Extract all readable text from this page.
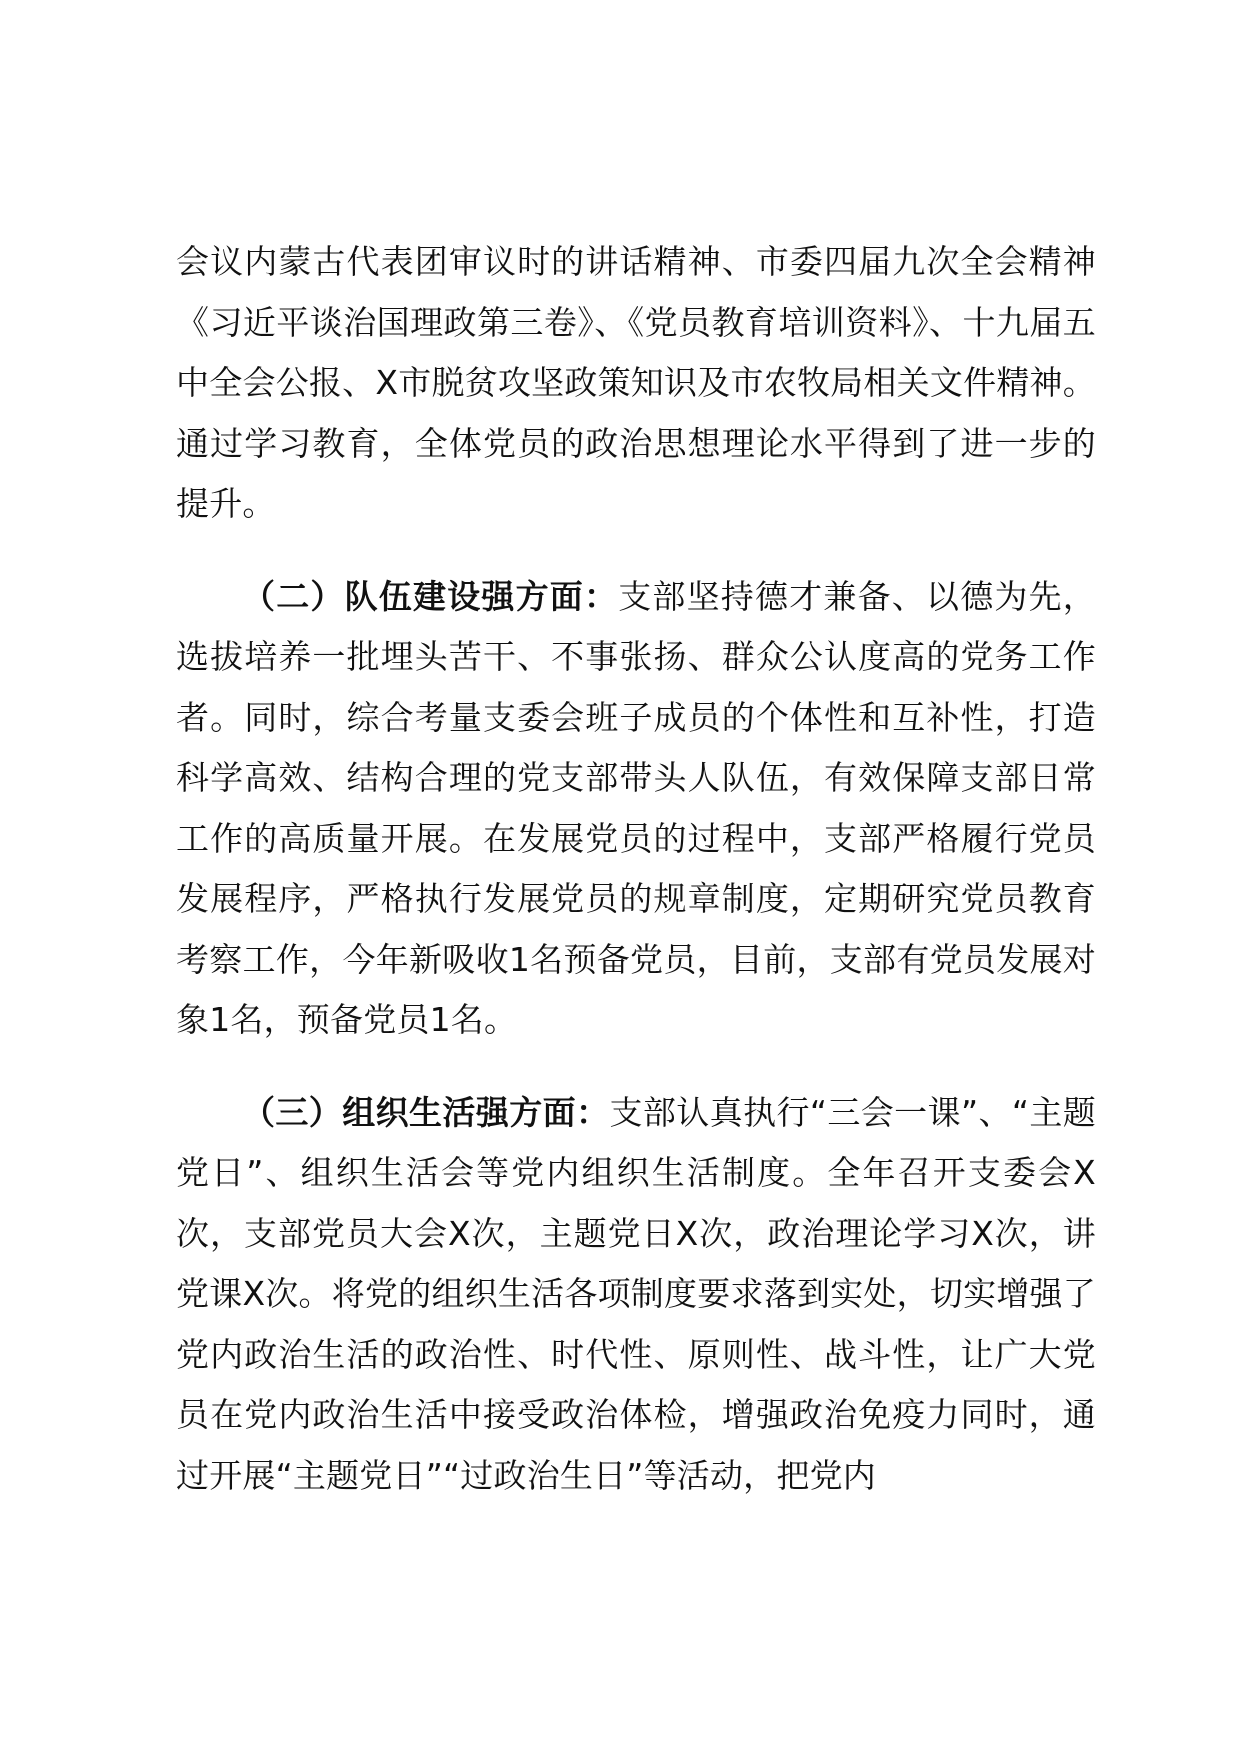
会议内蒙古代表团审议时的讲话精神、市委四届九次全会精神《习近平谈治国理政第三卷》、《党员教育培训资料》、十九届五中全会公报、X市脱贫攻坚政策知识及市农牧局相关文件精神。通过学习教育，全体党员的政治思想理论水平得到了进一步的提升。

（二）队伍建设强方面：支部坚持德才兼备、以德为先，选拔培养一批埋头苦干、不事张扬、群众公认度高的党务工作者。同时，综合考量支委会班子成员的个体性和互补性，打造科学高效、结构合理的党支部带头人队伍，有效保障支部日常工作的高质量开展。在发展党员的过程中，支部严格履行党员发展程序，严格执行发展党员的规章制度，定期研究党员教育考察工作，今年新吸收1名预备党员，目前，支部有党员发展对象1名，预备党员1名。

（三）组织生活强方面：支部认真执行“三会一课”、“主题党日”、组织生活会等党内组织生活制度。全年召开支委会X次，支部党员大会X次，主题党日X次，政治理论学习X次，讲党课X次。将党的组织生活各项制度要求落到实处，切实增强了党内政治生活的政治性、时代性、原则性、战斗性，让广大党员在党内政治生活中接受政治体检，增强政治免疫力同时，通过开展“主题党日”“过政治生日”等活动，把党内
